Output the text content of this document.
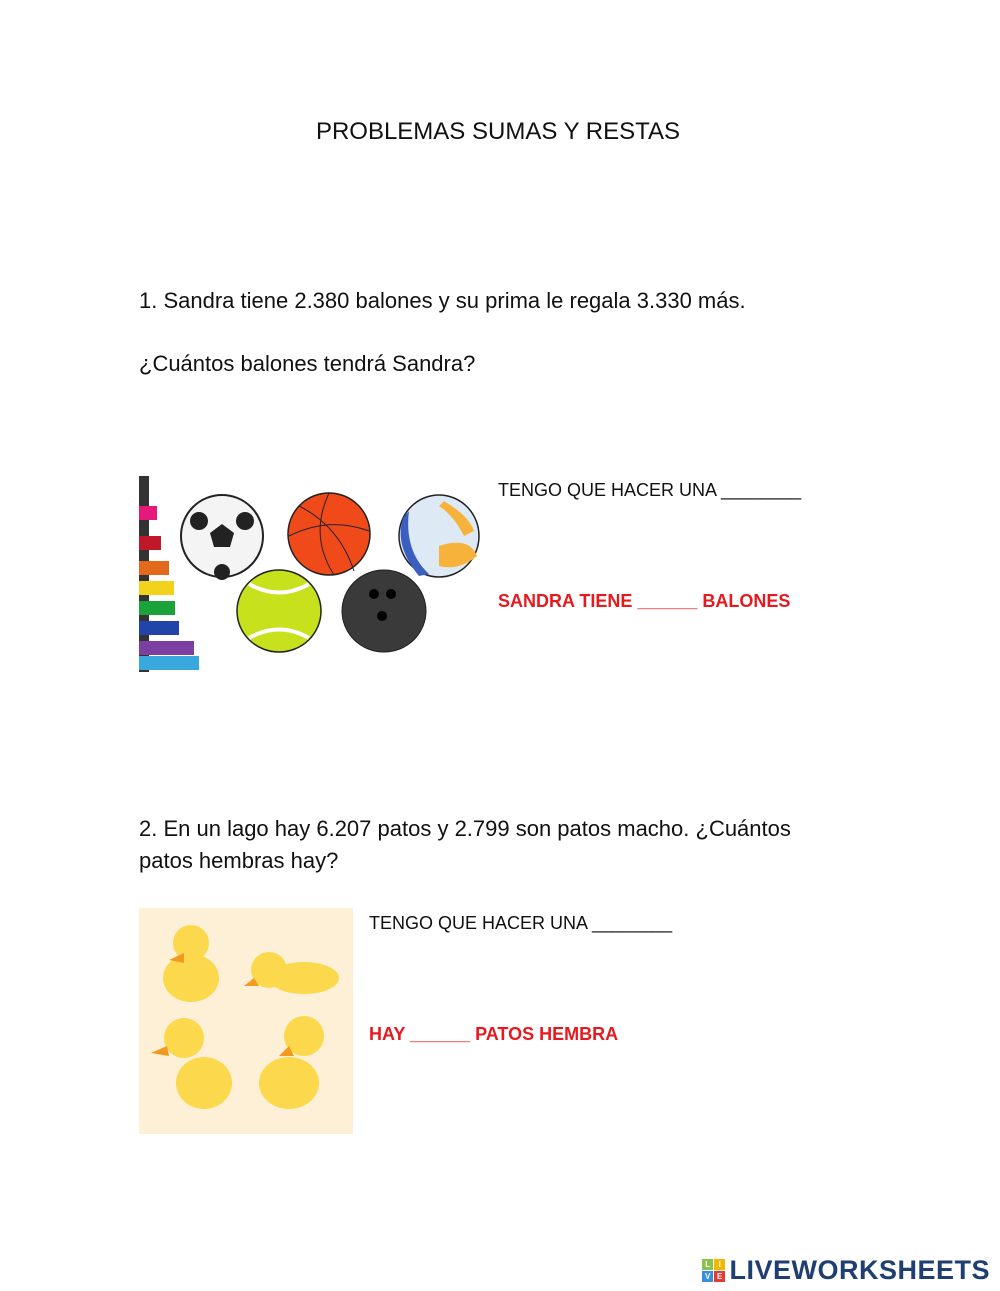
PROBLEMAS SUMAS Y RESTAS
1. Sandra tiene 2.380 balones y su prima le regala 3.330 más.
¿Cuántos balones tendrá Sandra?
TENGO QUE HACER UNA ________
SANDRA TIENE ______ BALONES
2. En un lago hay 6.207 patos y 2.799 son patos macho. ¿Cuántos
patos hembras hay?
TENGO QUE HACER UNA ________
HAY ______ PATOS HEMBRA
L I
V E LIVEWORKSHEETS
